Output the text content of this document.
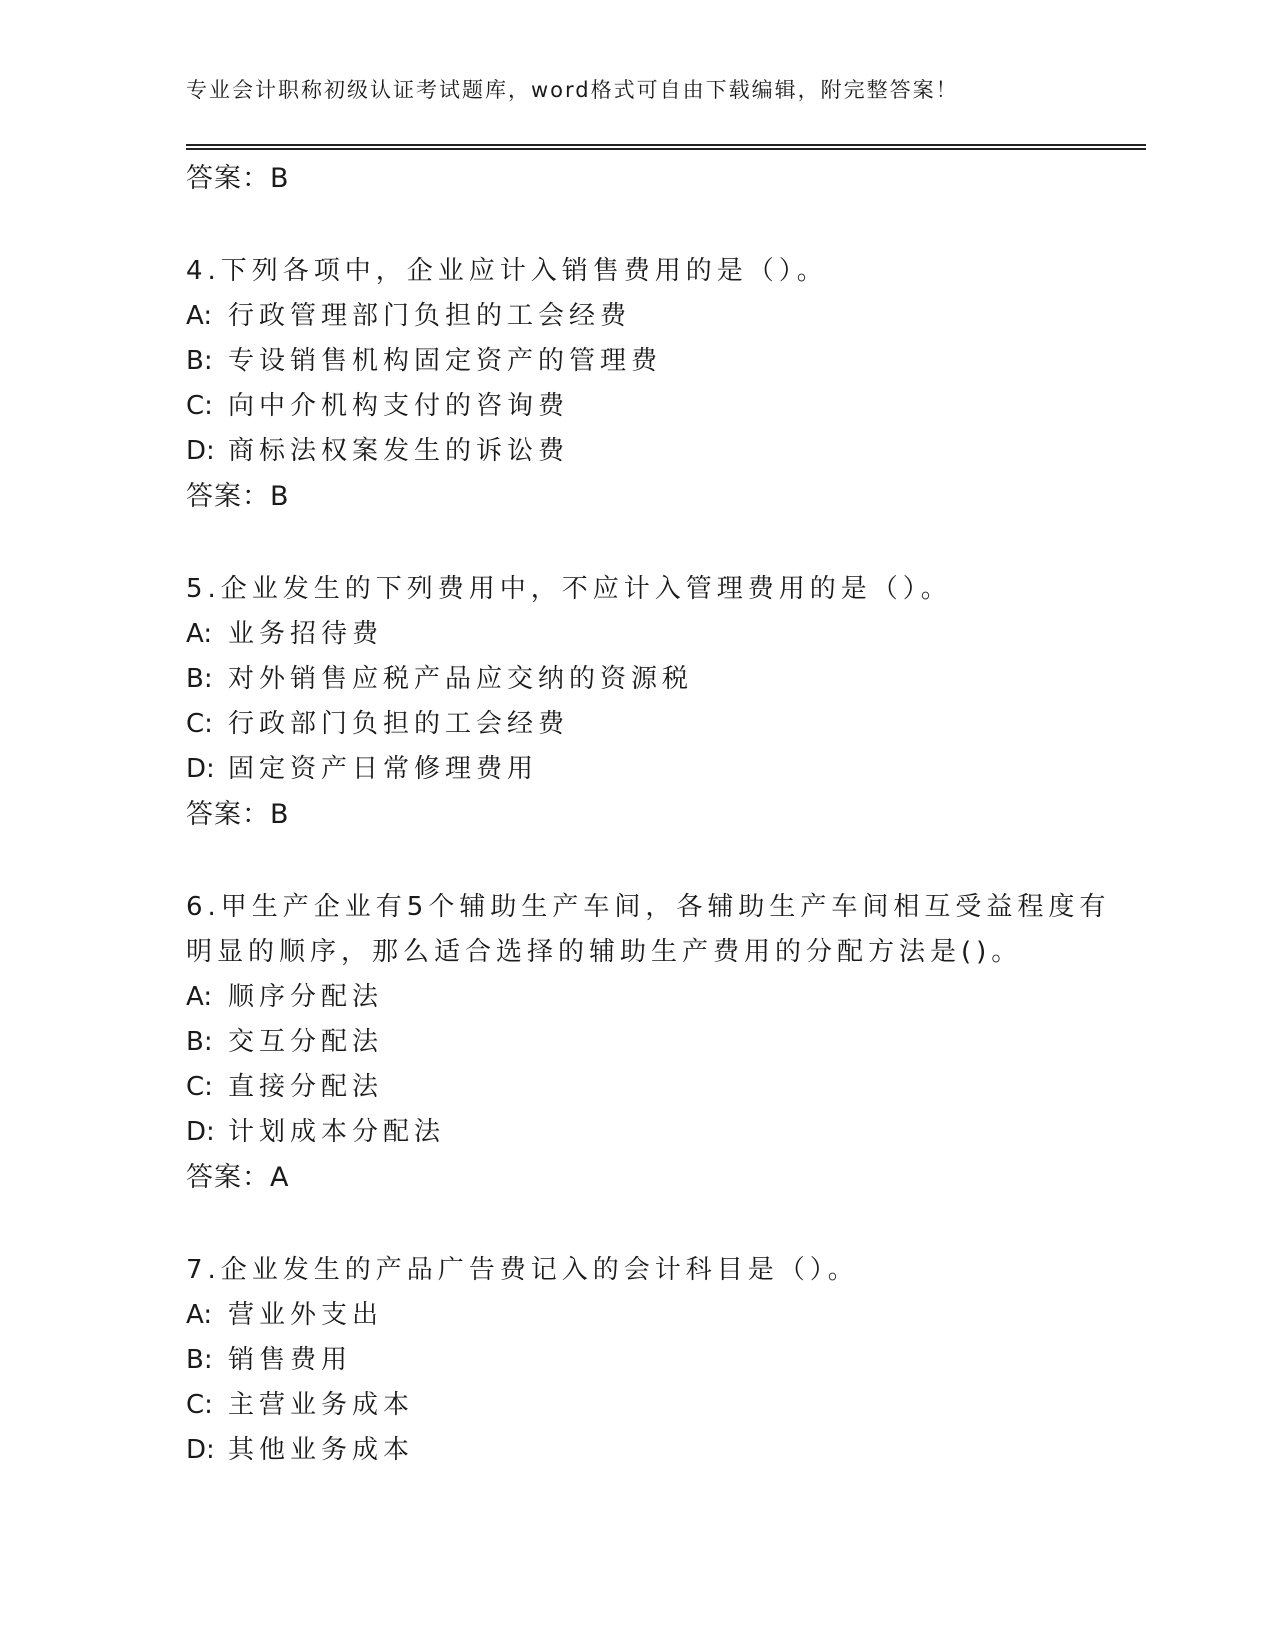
专业会计职称初级认证考试题库，word格式可自由下载编辑，附完整答案！
答案：B
4.下列各项中，企业应计入销售费用的是（）。
A: 行政管理部门负担的工会经费
B: 专设销售机构固定资产的管理费
C: 向中介机构支付的咨询费
D: 商标法权案发生的诉讼费
答案：B
5.企业发生的下列费用中，不应计入管理费用的是（）。
A: 业务招待费
B: 对外销售应税产品应交纳的资源税
C: 行政部门负担的工会经费
D: 固定资产日常修理费用
答案：B
6.甲生产企业有5个辅助生产车间，各辅助生产车间相互受益程度有
明显的顺序，那么适合选择的辅助生产费用的分配方法是()。
A: 顺序分配法
B: 交互分配法
C: 直接分配法
D: 计划成本分配法
答案：A
7.企业发生的产品广告费记入的会计科目是（）。
A: 营业外支出
B: 销售费用
C: 主营业务成本
D: 其他业务成本
